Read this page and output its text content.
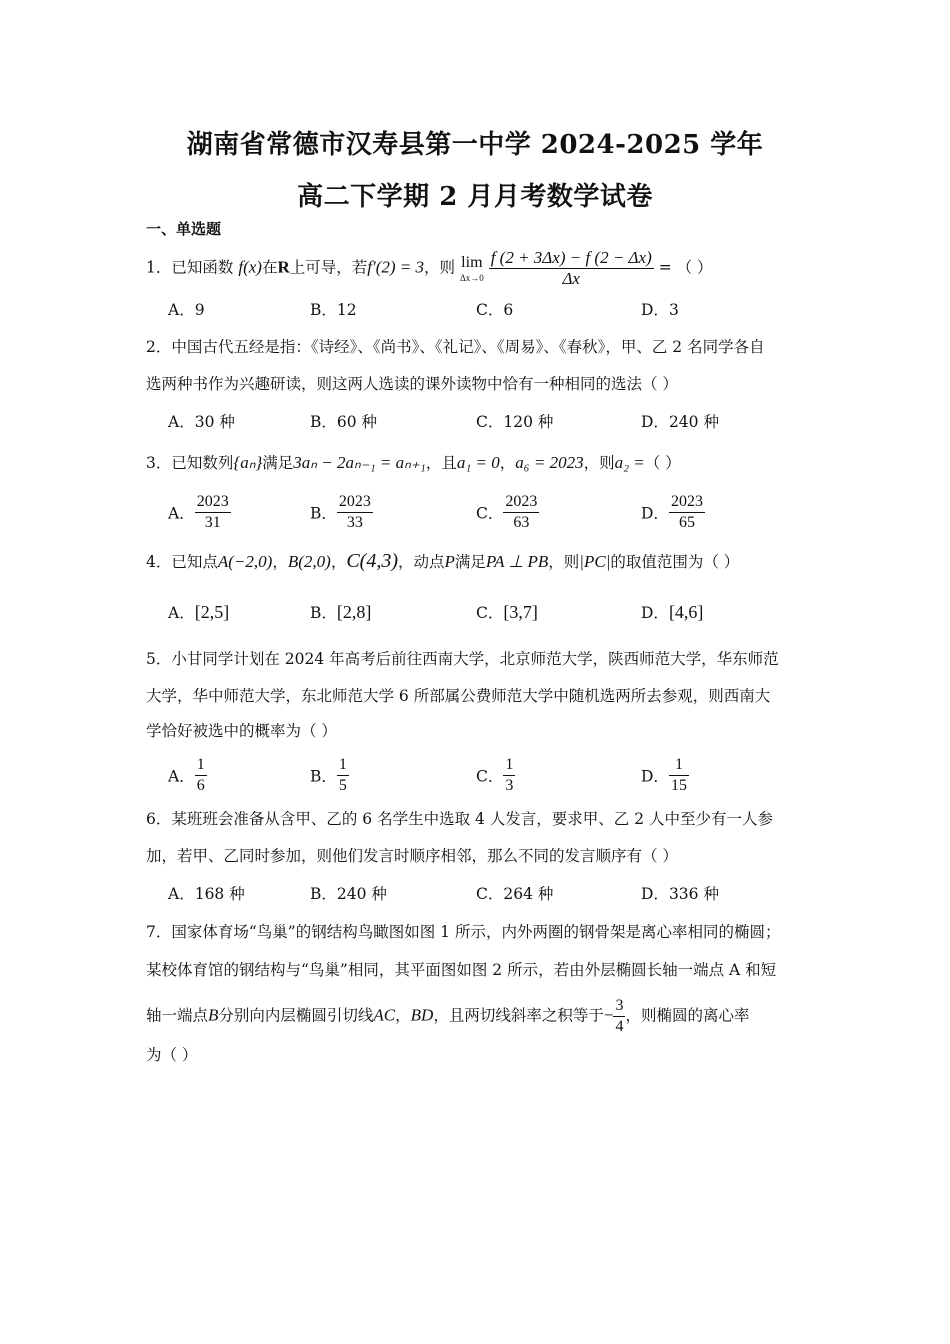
湖南省常德市汉寿县第一中学 2024-2025 学年
高二下学期 2 月月考数学试卷
一、单选题
1．已知函数 f(x)在R上可导，若f′(2) = 3，则 lim
Δx→0
$\frac{f (2 + 3\Delta x) - f (2 - \Delta x)}{\Delta x}$ = （ ）
A．9	B．12	C．6	D．3
2．中国古代五经是指：《诗经》、《尚书》、《礼记》、《周易》、《春秋》，甲、乙 2 名同学各自
选两种书作为兴趣研读，则这两人选读的课外读物中恰有一种相同的选法（ ）
A．30 种	B．60 种	C．120 种	D．240 种
3．已知数列{aₙ}满足3aₙ − 2aₙ₋₁ = aₙ₊₁，且a₁ = 0，a₆ = 2023，则a₂ =（ ）
A． $\frac{2023}{31}$	B． $\frac{2023}{33}$	C． $\frac{2023}{63}$	D． $\frac{2023}{65}$
4．已知点A(−2,0)，B(2,0)，C(4,3)，动点P满足PA ⊥ PB，则|PC|的取值范围为（ ）
A．[2,5]	B．[2,8]	C．[3,7]	D．[4,6]
5．小甘同学计划在 2024 年高考后前往西南大学，北京师范大学，陕西师范大学，华东师范
大学，华中师范大学，东北师范大学 6 所部属公费师范大学中随机选两所去参观，则西南大
学恰好被选中的概率为（ ）
A． $\frac{1}{6}$	B． $\frac{1}{5}$	C． $\frac{1}{3}$	D． $\frac{1}{15}$
6．某班班会准备从含甲、乙的 6 名学生中选取 4 人发言，要求甲、乙 2 人中至少有一人参
加，若甲、乙同时参加，则他们发言时顺序相邻，那么不同的发言顺序有（ ）
A．168 种	B．240 种	C．264 种	D．336 种
7．国家体育场“鸟巢”的钢结构鸟瞰图如图 1 所示，内外两圈的钢骨架是离心率相同的椭圆；
某校体育馆的钢结构与“鸟巢”相同，其平面图如图 2 所示，若由外层椭圆长轴一端点 A 和短
轴一端点B分别向内层椭圆引切线AC，BD，且两切线斜率之积等于− $\frac{3}{4}$ ，则椭圆的离心率
为（ ）
